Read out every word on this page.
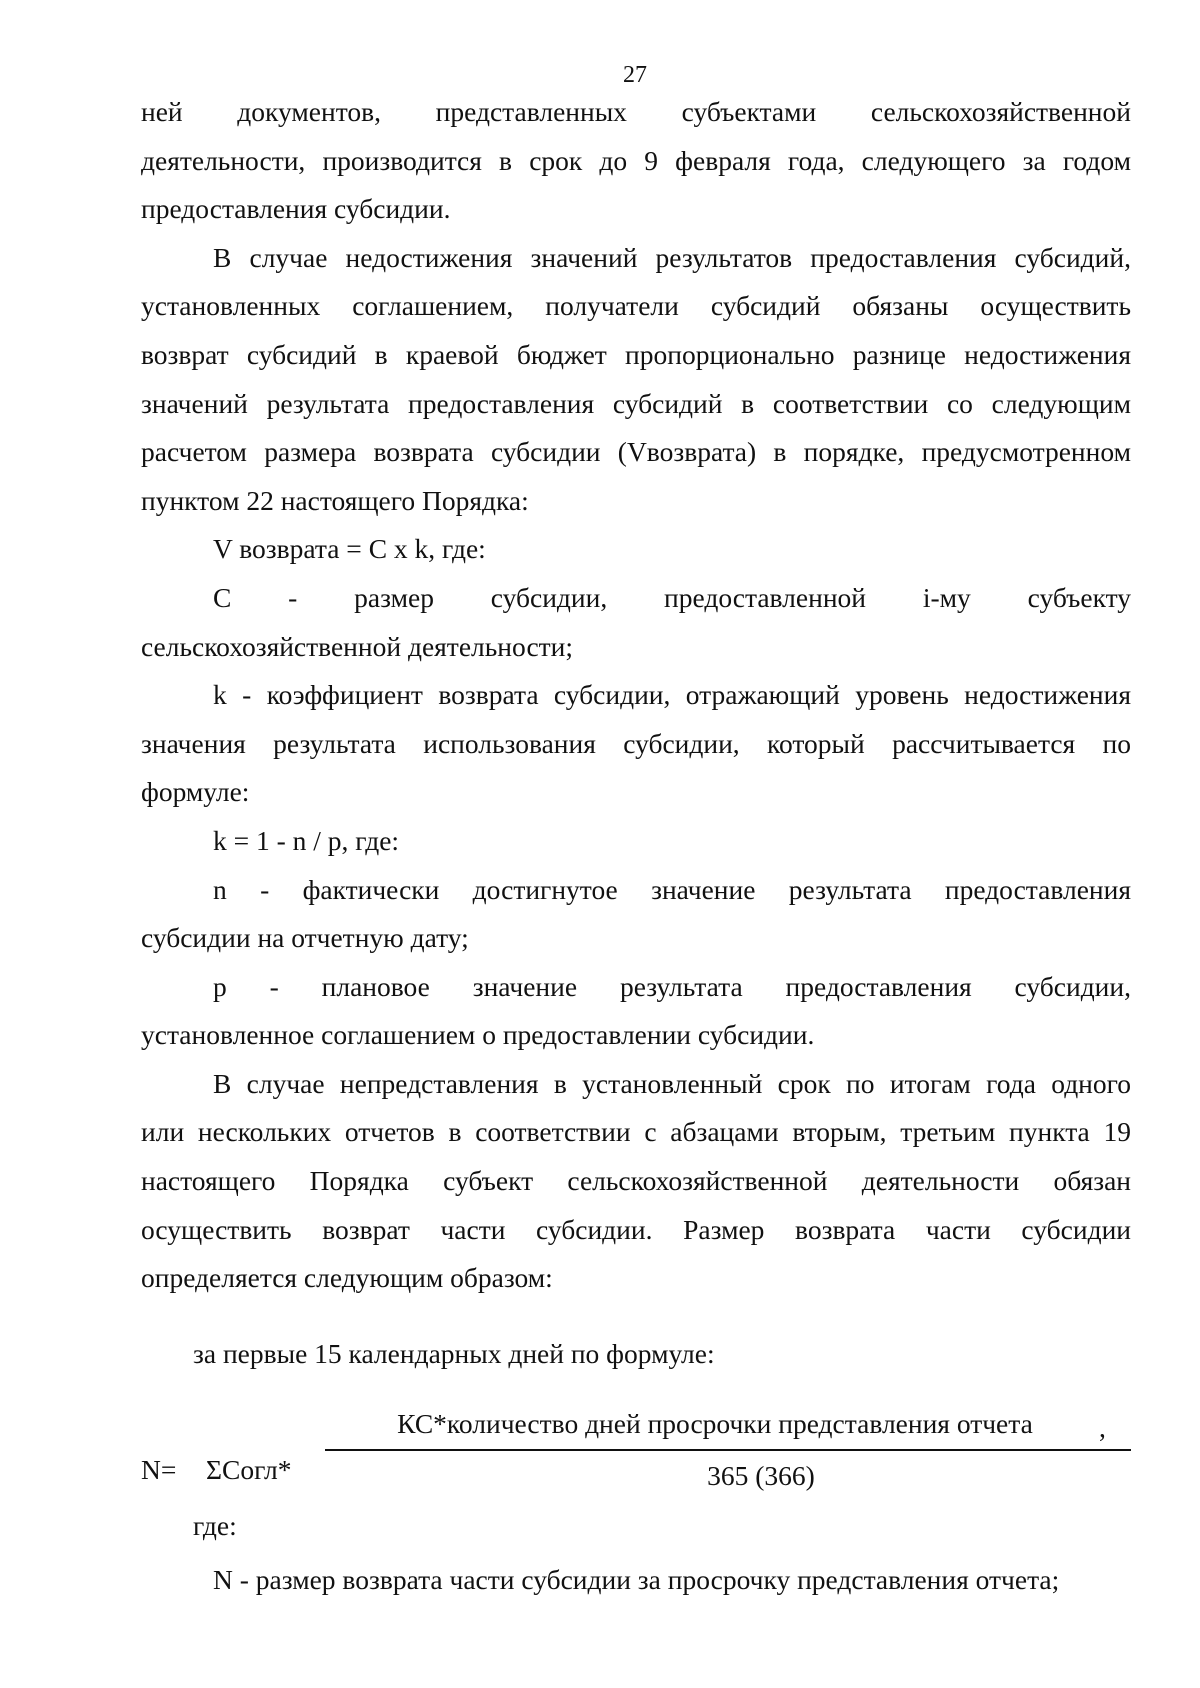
27

ней документов, представленных субъектами сельскохозяйственной
деятельности, производится в срок до 9 февраля года, следующего за годом
предоставления субсидии.

В случае недостижения значений результатов предоставления субсидий,
установленных соглашением, получатели субсидий обязаны осуществить
возврат субсидий в краевой бюджет пропорционально разнице недостижения
значений результата предоставления субсидий в соответствии со следующим
расчетом размера возврата субсидии (Vвозврата) в порядке, предусмотренном
пунктом 22 настоящего Порядка:

V возврата = C x k, где:

C - размер субсидии, предоставленной i-му субъекту
сельскохозяйственной деятельности;

k - коэффициент возврата субсидии, отражающий уровень недостижения
значения результата использования субсидии, который рассчитывается по
формуле:

k = 1 - n / p, где:

n - фактически достигнутое значение результата предоставления
субсидии на отчетную дату;

p - плановое значение результата предоставления субсидии,
установленное соглашением о предоставлении субсидии.

В случае непредставления в установленный срок по итогам года одного
или нескольких отчетов в соответствии с абзацами вторым, третьим пункта 19
настоящего Порядка субъект сельскохозяйственной деятельности обязан
осуществить возврат части субсидии. Размер возврата части субсидии
определяется следующим образом:

за первые 15 календарных дней по формуле:
N= ΣСогл*
КС*количество дней просрочки представления отчета	,
365 (366)
где:
N - размер возврата части субсидии за просрочку представления отчета;
